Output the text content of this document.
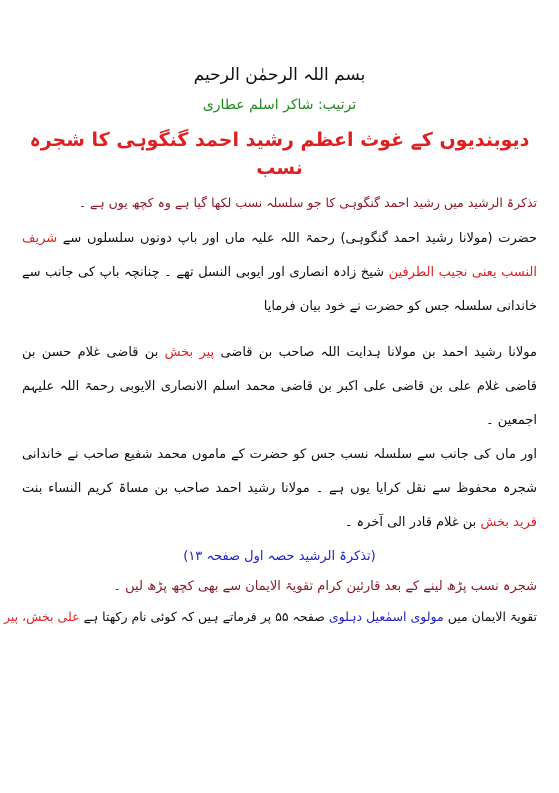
بسم اللہ الرحمٰن الرحیم

ترتیب: شاکر اسلم عطاری

دیوبندیوں کے غوث اعظم رشید احمد گنگوہی کا شجرہ نسب

تذکرۃ الرشید میں رشید احمد گنگوہی کا جو سلسلہ نسب لکھا گیا ہے وہ کچھ یوں ہے ۔

حضرت (مولانا رشید احمد گنگوہی) رحمۃ اللہ علیہ ماں اور باپ دونوں سلسلوں سے شریف النسب یعنی نجیب الطرفین شیخ زادہ انصاری اور ایوبی النسل تھے ۔ چنانچہ باپ کی جانب سے خاندانی سلسلہ جس کو حضرت نے خود بیان فرمایا

مولانا رشید احمد بن مولانا ہدایت اللہ صاحب بن قاضی پیر بخش بن قاضی غلام حسن بن قاضی غلام علی بن قاضی علی اکبر بن قاضی محمد اسلم الانصاری الایوبی رحمۃ اللہ علیہم اجمعین ۔

اور ماں کی جانب سے سلسلہ نسب جس کو حضرت کے ماموں محمد شفیع صاحب نے خاندانی شجرہ محفوظ سے نقل کرایا یوں ہے ۔ مولانا رشید احمد صاحب بن مساۃ کریم النساء بنت فرید بخش بن غلام قادر الی آخرہ ۔

(تذکرۃ الرشید حصہ اول صفحہ ۱۳)

شجرہ نسب پڑھ لینے کے بعد قارئین کرام تقویۃ الایمان سے بھی کچھ پڑھ لیں ۔

تقویۃ الایمان میں مولوی اسمٰعیل دہلوی صفحہ ۵۵ پر فرماتے ہیں کہ کوئی نام رکھتا ہے علی بخش، پیر
